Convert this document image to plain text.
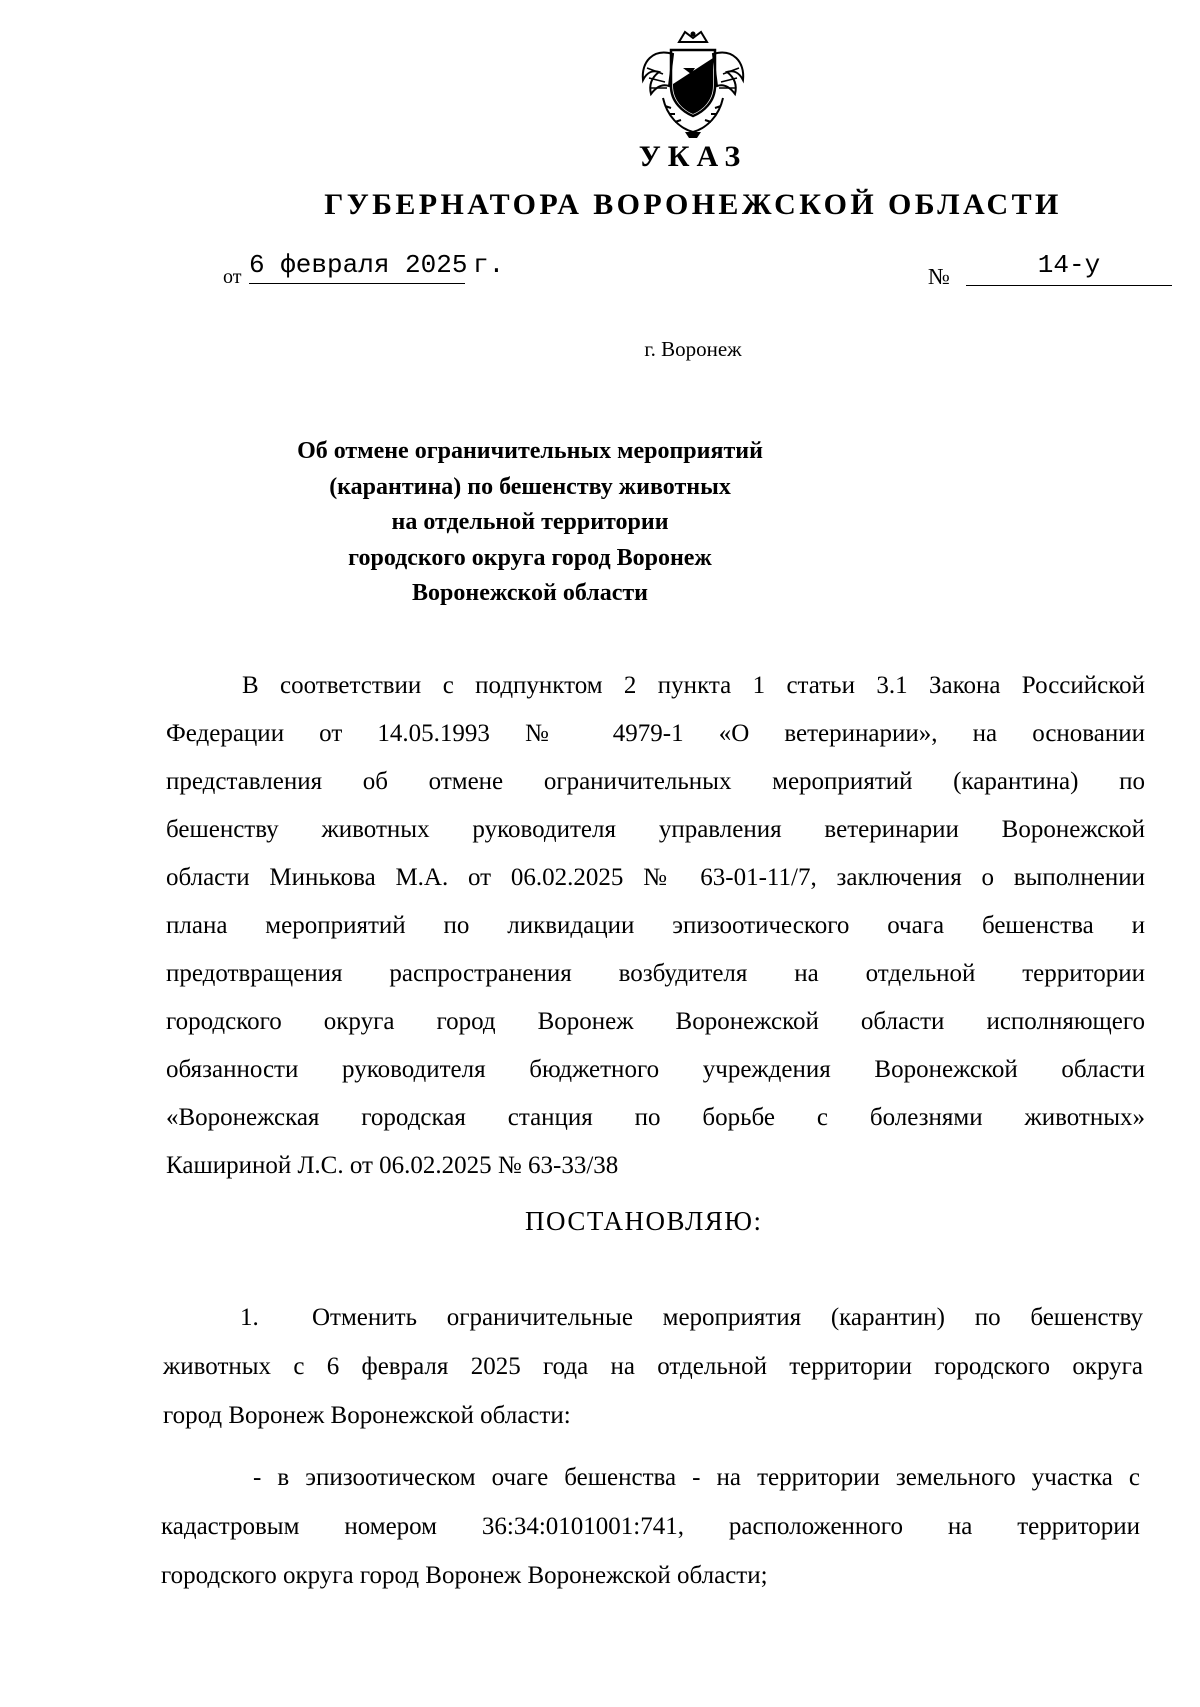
УКАЗ
ГУБЕРНАТОРА ВОРОНЕЖСКОЙ ОБЛАСТИ
от 6 февраля 2025 г.	№	14-у
г. Воронеж
Об отмене ограничительных мероприятий
(карантина) по бешенству животных
на отдельной территории
городского округа город Воронеж
Воронежской области
В соответствии с подпунктом 2 пункта 1 статьи 3.1 Закона Российской
Федерации от 14.05.1993 № 4979-1 «О ветеринарии», на основании
представления об отмене ограничительных мероприятий (карантина) по
бешенству животных руководителя управления ветеринарии Воронежской
области Минькова М.А. от 06.02.2025 № 63-01-11/7, заключения о выполнении
плана мероприятий по ликвидации эпизоотического очага бешенства и
предотвращения распространения возбудителя на отдельной территории
городского округа город Воронеж Воронежской области исполняющего
обязанности руководителя бюджетного учреждения Воронежской области
«Воронежская городская станция по борьбе с болезнями животных»
Кашириной Л.С. от 06.02.2025 № 63-33/38
ПОСТАНОВЛЯЮ:
1.	Отменить ограничительные мероприятия (карантин) по бешенству
животных с 6 февраля 2025 года на отдельной территории городского округа
город Воронеж Воронежской области:
- в эпизоотическом очаге бешенства - на территории земельного участка с
кадастровым номером 36:34:0101001:741, расположенного на территории
городского округа город Воронеж Воронежской области;
